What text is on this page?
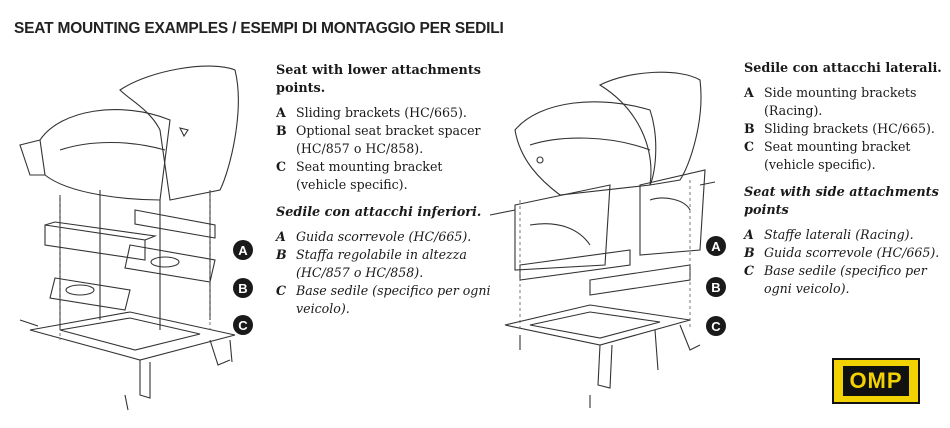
SEAT MOUNTING EXAMPLES / ESEMPI DI MONTAGGIO PER SEDILI
A
B
C
A
B
C
Seat with lower attachments points.
A Sliding brackets (HC/665).
B Optional seat bracket spacer (HC/857 o HC/858).
C Seat mounting bracket (vehicle specific).
Sedile con attacchi inferiori.
A Guida scorrevole (HC/665).
B Staffa regolabile in altezza (HC/857 o HC/858).
C Base sedile (specifico per ogni veicolo).
Sedile con attacchi laterali.
A Side mounting brackets (Racing).
B Sliding brackets (HC/665).
C Seat mounting bracket (vehicle specific).
Seat with side attachments points
A Staffe laterali (Racing).
B Guida scorrevole (HC/665).
C Base sedile (specifico per ogni veicolo).
OMP
